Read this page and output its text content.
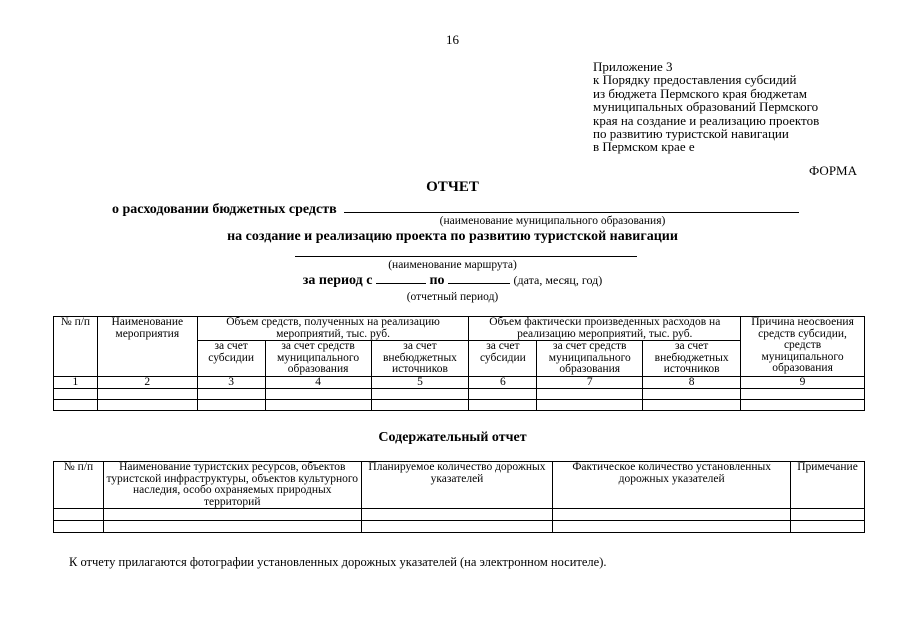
16
Приложение 3
к Порядку предоставления субсидий
из бюджета Пермского края бюджетам
муниципальных образований Пермского
края на создание и реализацию проектов
по развитию туристской навигации
в Пермском крае е
ФОРМА
ОТЧЕТ
о расходовании бюджетных средств
(наименование муниципального образования)
на создание и реализацию проекта по развитию туристской навигации
(наименование маршрута)
за период с	по	(дата, месяц, год)
(отчетный период)
№ п/п	Наименование мероприятия	Объем средств, полученных на реализацию мероприятий, тыс. руб.			Объем фактически произведенных расходов на реализацию мероприятий, тыс. руб.			Причина неосвоения средств субсидии, средств муниципального образования
		за счет субсидии	за счет средств муниципального образования	за счет внебюджетных источников	за счет субсидии	за счет средств муниципального образования	за счет внебюджетных источников	
1	2	3	4	5	6	7	8	9

Содержательный отчет
№ п/п	Наименование туристских ресурсов, объектов туристской инфраструктуры, объектов культурного наследия, особо охраняемых природных территорий	Планируемое количество дорожных указателей	Фактическое количество установленных дорожных указателей	Примечание

К отчету прилагаются фотографии установленных дорожных указателей (на электронном носителе).
